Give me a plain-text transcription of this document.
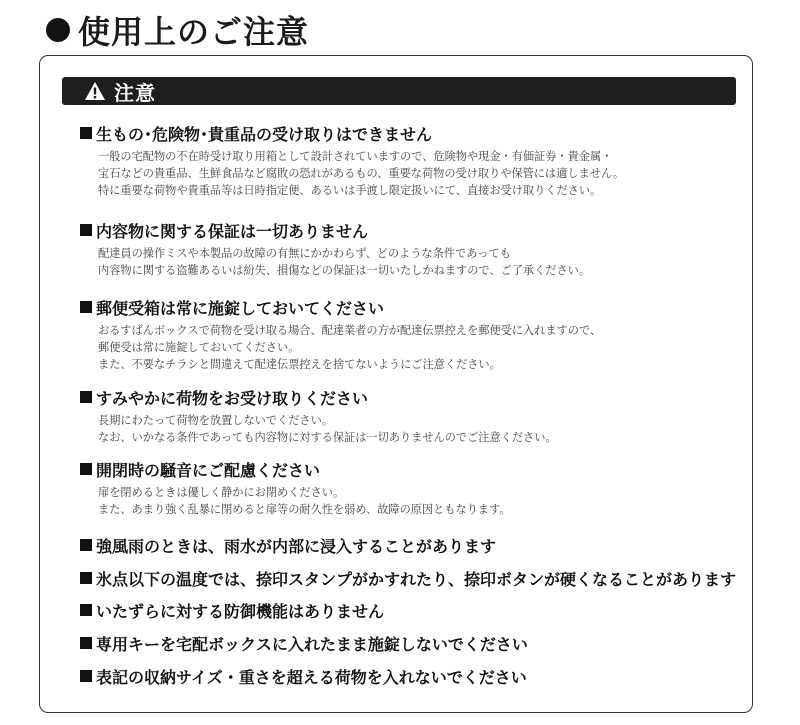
使用上のご注意
注意
生もの･危険物･貴重品の受け取りはできません
一般の宅配物の不在時受け取り用箱として設計されていますので、危険物や現金・有価証券・貴金属・
宝石などの貴重品、生鮮食品など腐敗の恐れがあるもの、重要な荷物の受け取りや保管には適しません。
特に重要な荷物や貴重品等は日時指定便、あるいは手渡し限定扱いにて、直接お受け取りください。
内容物に関する保証は一切ありません
配達員の操作ミスや本製品の故障の有無にかかわらず、どのような条件であっても
内容物に関する盗難あるいは紛失、損傷などの保証は一切いたしかねますので、ご了承ください。
郵便受箱は常に施錠しておいてください
おるすばんボックスで荷物を受け取る場合、配達業者の方が配達伝票控えを郵便受に入れますので、
郵便受は常に施錠しておいてください。
また、不要なチラシと間違えて配達伝票控えを捨てないようにご注意ください。
すみやかに荷物をお受け取りください
長期にわたって荷物を放置しないでください。
なお、いかなる条件であっても内容物に対する保証は一切ありませんのでご注意ください。
開閉時の騒音にご配慮ください
扉を閉めるときは優しく静かにお閉めください。
また、あまり強く乱暴に閉めると扉等の耐久性を弱め、故障の原因ともなります。
強風雨のときは、雨水が内部に浸入することがあります
氷点以下の温度では、捺印スタンプがかすれたり、捺印ボタンが硬くなることがあります
いたずらに対する防御機能はありません
専用キーを宅配ボックスに入れたまま施錠しないでください
表記の収納サイズ・重さを超える荷物を入れないでください
